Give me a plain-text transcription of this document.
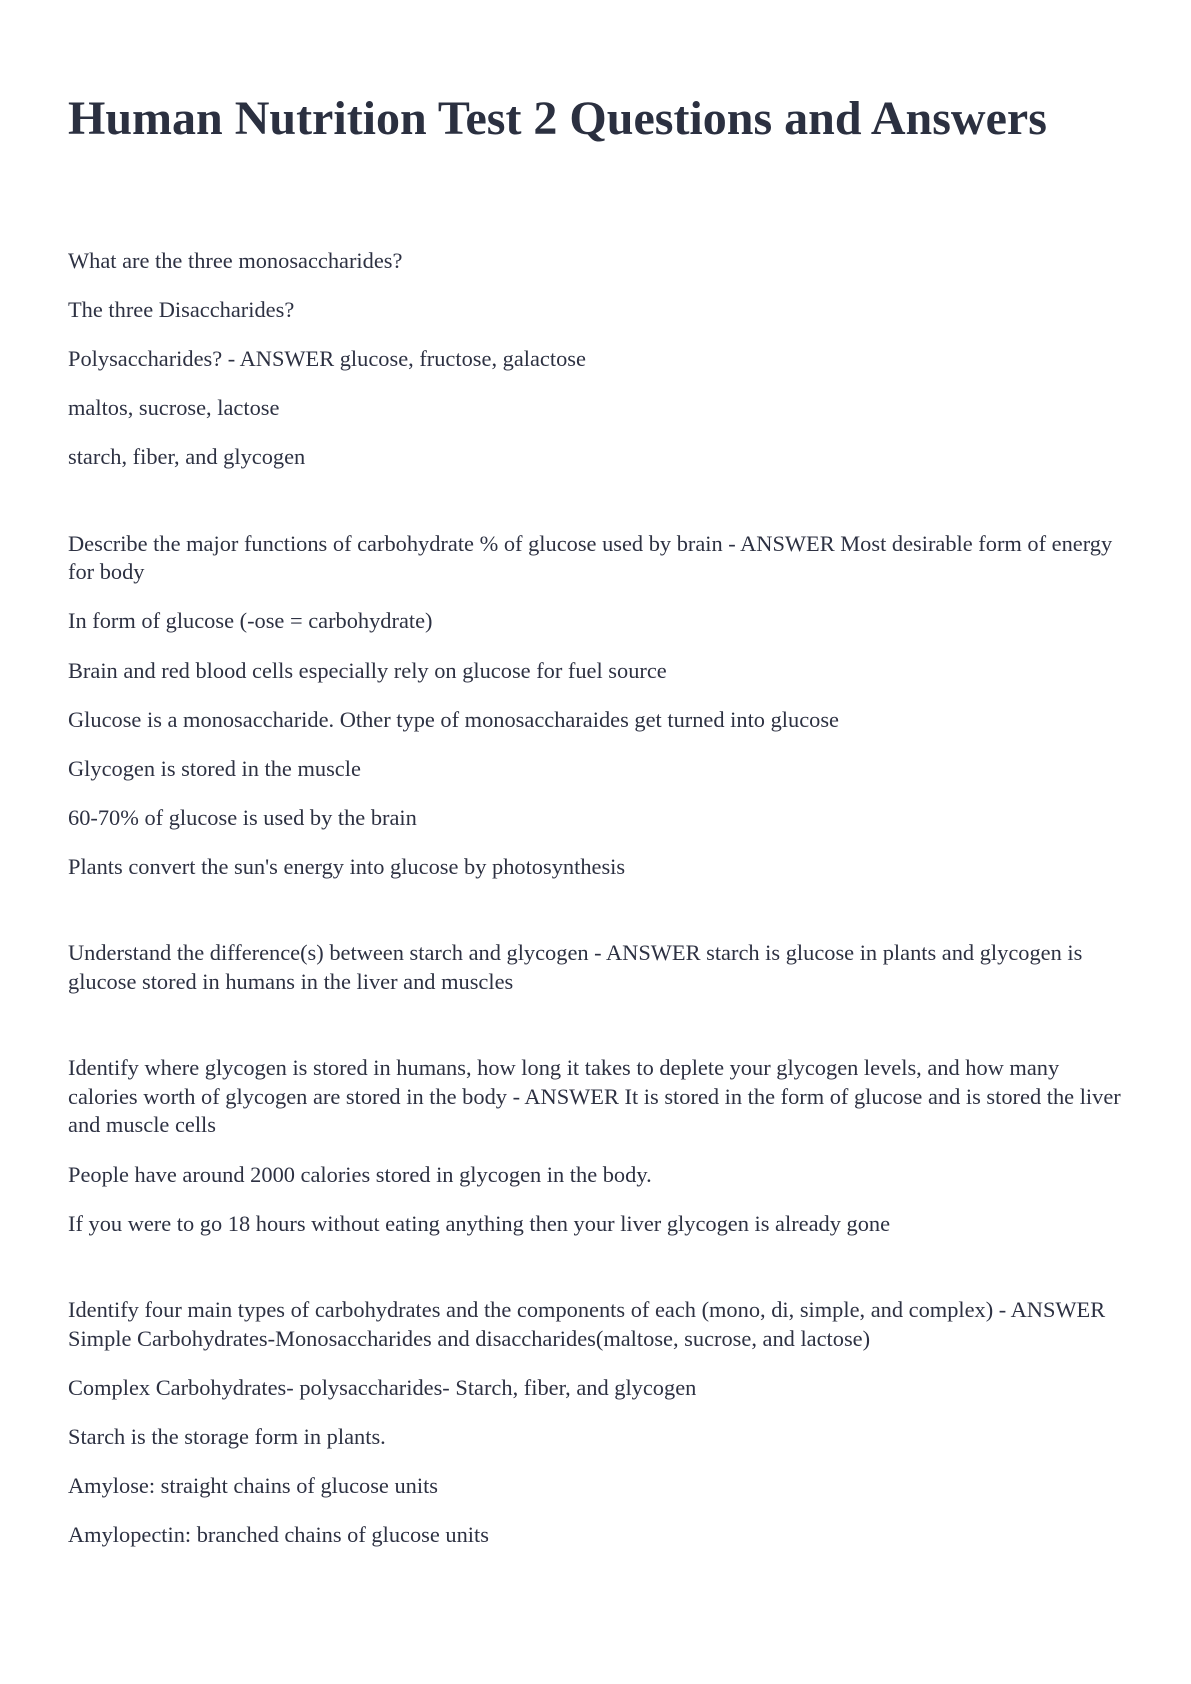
Human Nutrition Test 2 Questions and Answers

What are the three monosaccharides?

The three Disaccharides?

Polysaccharides? - ANSWER glucose, fructose, galactose

maltos, sucrose, lactose

starch, fiber, and glycogen

Describe the major functions of carbohydrate % of glucose used by brain - ANSWER Most desirable form of energy for body

In form of glucose (-ose = carbohydrate)

Brain and red blood cells especially rely on glucose for fuel source

Glucose is a monosaccharide. Other type of monosaccharaides get turned into glucose

Glycogen is stored in the muscle

60-70% of glucose is used by the brain

Plants convert the sun's energy into glucose by photosynthesis

Understand the difference(s) between starch and glycogen - ANSWER starch is glucose in plants and glycogen is glucose stored in humans in the liver and muscles

Identify where glycogen is stored in humans, how long it takes to deplete your glycogen levels, and how many calories worth of glycogen are stored in the body - ANSWER It is stored in the form of glucose and is stored the liver and muscle cells

People have around 2000 calories stored in glycogen in the body.

If you were to go 18 hours without eating anything then your liver glycogen is already gone

Identify four main types of carbohydrates and the components of each (mono, di, simple, and complex) - ANSWER Simple Carbohydrates-Monosaccharides and disaccharides(maltose, sucrose, and lactose)

Complex Carbohydrates- polysaccharides- Starch, fiber, and glycogen

Starch is the storage form in plants.

Amylose: straight chains of glucose units

Amylopectin: branched chains of glucose units
